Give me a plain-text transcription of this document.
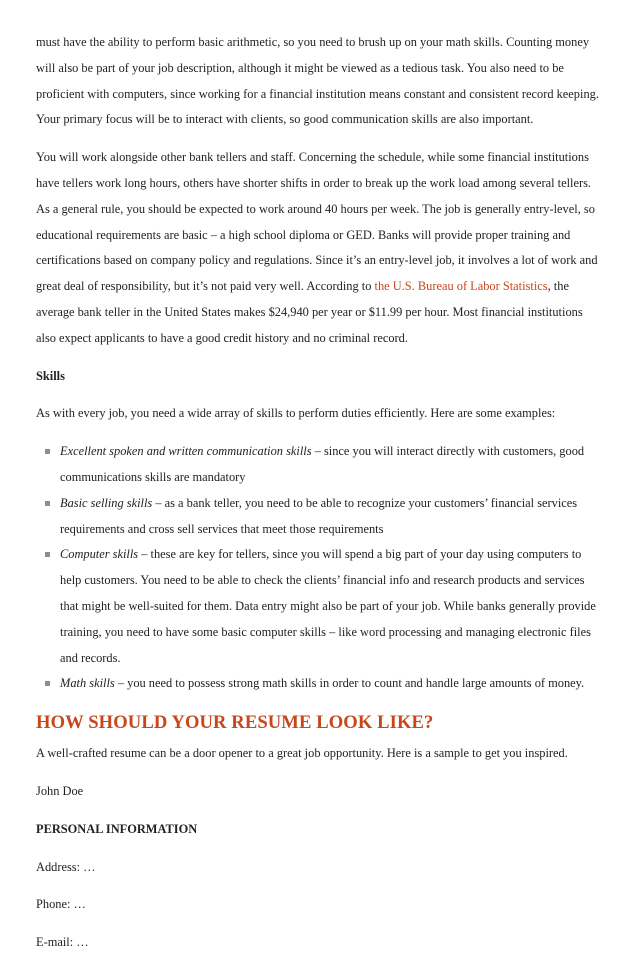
must have the ability to perform basic arithmetic, so you need to brush up on your math skills. Counting money will also be part of your job description, although it might be viewed as a tedious task. You also need to be proficient with computers, since working for a financial institution means constant and consistent record keeping. Your primary focus will be to interact with clients, so good communication skills are also important.

You will work alongside other bank tellers and staff. Concerning the schedule, while some financial institutions have tellers work long hours, others have shorter shifts in order to break up the work load among several tellers. As a general rule, you should be expected to work around 40 hours per week. The job is generally entry-level, so educational requirements are basic – a high school diploma or GED. Banks will provide proper training and certifications based on company policy and regulations. Since it’s an entry-level job, it involves a lot of work and great deal of responsibility, but it’s not paid very well. According to the U.S. Bureau of Labor Statistics, the average bank teller in the United States makes $24,940 per year or $11.99 per hour. Most financial institutions also expect applicants to have a good credit history and no criminal record.

Skills

As with every job, you need a wide array of skills to perform duties efficiently. Here are some examples:

Excellent spoken and written communication skills – since you will interact directly with customers, good communications skills are mandatory
Basic selling skills – as a bank teller, you need to be able to recognize your customers’ financial services requirements and cross sell services that meet those requirements
Computer skills – these are key for tellers, since you will spend a big part of your day using computers to help customers. You need to be able to check the clients’ financial info and research products and services that might be well-suited for them. Data entry might also be part of your job. While banks generally provide training, you need to have some basic computer skills – like word processing and managing electronic files and records.
Math skills – you need to possess strong math skills in order to count and handle large amounts of money.
HOW SHOULD YOUR RESUME LOOK LIKE?

A well-crafted resume can be a door opener to a great job opportunity. Here is a sample to get you inspired.

John Doe

PERSONAL INFORMATION

Address: …

Phone: …

E-mail: …
